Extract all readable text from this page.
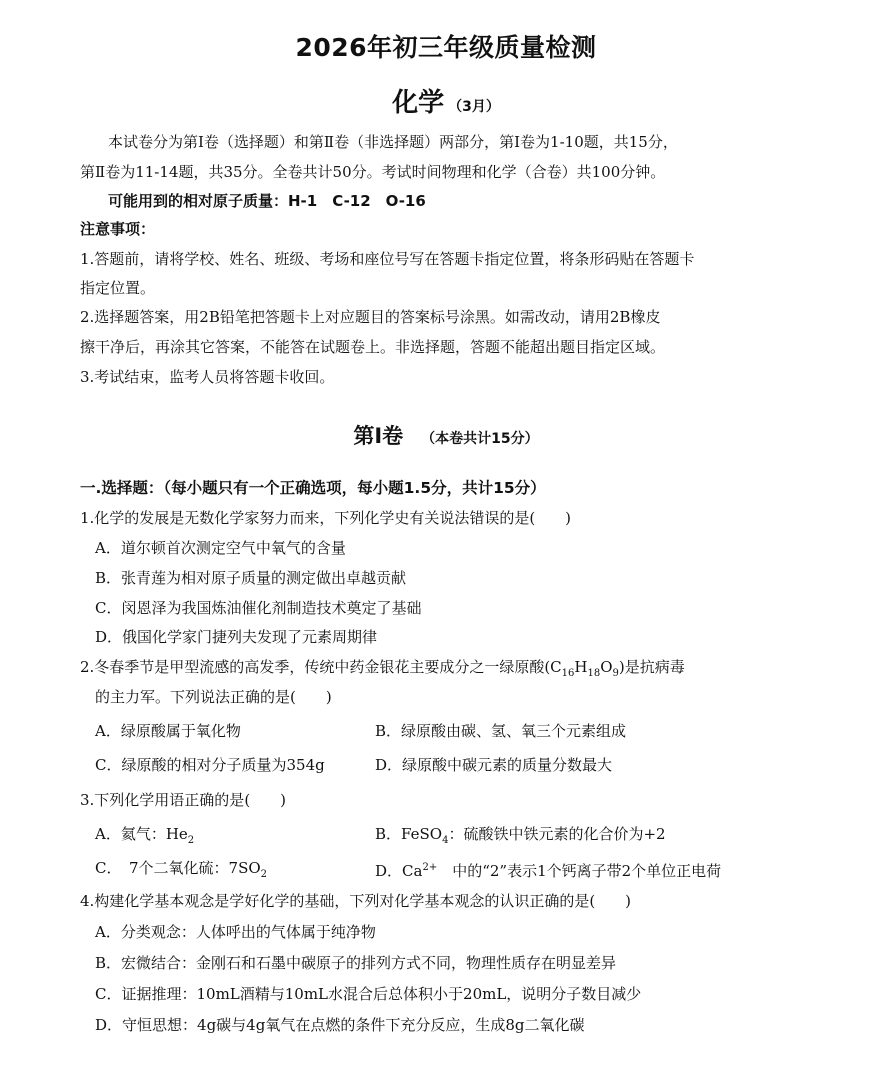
2026年初三年级质量检测
化学 （3月）
本试卷分为第Ⅰ卷（选择题）和第Ⅱ卷（非选择题）两部分，第Ⅰ卷为1-10题，共15分，
第Ⅱ卷为11-14题，共35分。全卷共计50分。考试时间物理和化学（合卷）共100分钟。
可能用到的相对原子质量：H-1　C-12　O-16
注意事项：
1.答题前，请将学校、姓名、班级、考场和座位号写在答题卡指定位置，将条形码贴在答题卡
指定位置。
2.选择题答案，用2B铅笔把答题卡上对应题目的答案标号涂黑。如需改动，请用2B橡皮
擦干净后，再涂其它答案，不能答在试题卷上。非选择题，答题不能超出题目指定区域。
3.考试结束，监考人员将答题卡收回。
第Ⅰ卷 （本卷共计15分）
一.选择题：（每小题只有一个正确选项，每小题1.5分，共计15分）
1.化学的发展是无数化学家努力而来，下列化学史有关说法错误的是(　　)
A．道尔顿首次测定空气中氧气的含量
B．张青莲为相对原子质量的测定做出卓越贡献
C．闵恩泽为我国炼油催化剂制造技术奠定了基础
D．俄国化学家门捷列夫发现了元素周期律
2.冬春季节是甲型流感的高发季，传统中药金银花主要成分之一绿原酸$(C_{16}H_{18}O_9)$是抗病毒
的主力军。下列说法正确的是(　　)
A．绿原酸属于氧化物	B．绿原酸由碳、氢、氧三个元素组成
C．绿原酸的相对分子质量为354g	D．绿原酸中碳元素的质量分数最大
3.下列化学用语正确的是(　　)
A．氦气：$He_2$	B．FeSO$_4$：硫酸铁中铁元素的化合价为+2
C．　7个二氧化硫：$7SO_2$	D．$Ca^{2+}$　中的“2”表示1个钙离子带2个单位正电荷
4.构建化学基本观念是学好化学的基础，下列对化学基本观念的认识正确的是(　　)
A．分类观念：人体呼出的气体属于纯净物
B．宏微结合：金刚石和石墨中碳原子的排列方式不同，物理性质存在明显差异
C．证据推理：10mL酒精与10mL水混合后总体积小于20mL，说明分子数目减少
D．守恒思想：4g碳与4g氧气在点燃的条件下充分反应，生成8g二氧化碳
